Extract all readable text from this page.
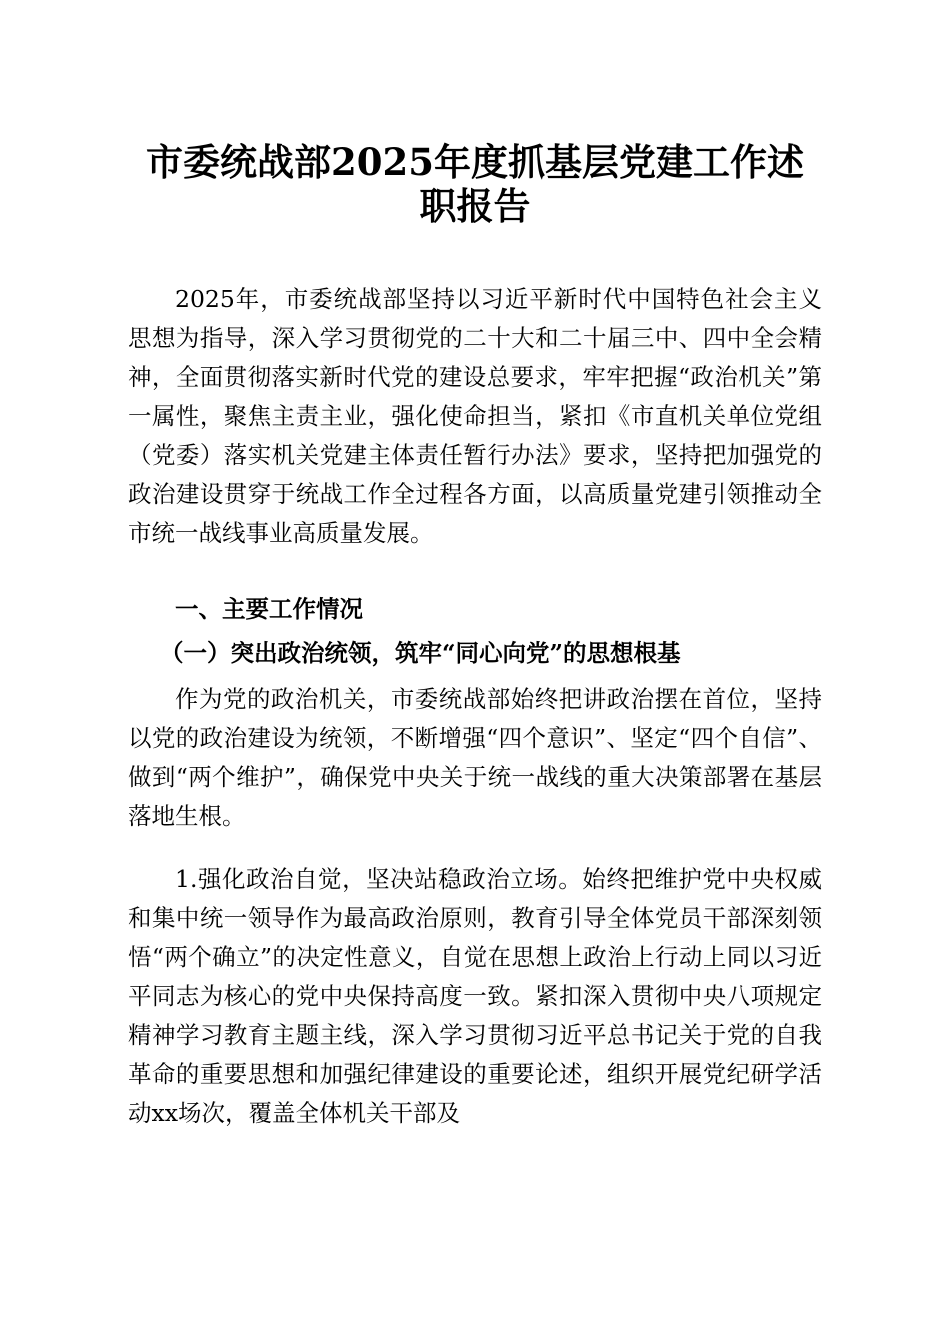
市委统战部2025年度抓基层党建工作述职报告

2025年，市委统战部坚持以习近平新时代中国特色社会主义思想为指导，深入学习贯彻党的二十大和二十届三中、四中全会精神，全面贯彻落实新时代党的建设总要求，牢牢把握“政治机关”第一属性，聚焦主责主业，强化使命担当，紧扣《市直机关单位党组（党委）落实机关党建主体责任暂行办法》要求，坚持把加强党的政治建设贯穿于统战工作全过程各方面，以高质量党建引领推动全市统一战线事业高质量发展。

一、主要工作情况
（一）突出政治统领，筑牢“同心向党”的思想根基

作为党的政治机关，市委统战部始终把讲政治摆在首位，坚持以党的政治建设为统领，不断增强“四个意识”、坚定“四个自信”、做到“两个维护”，确保党中央关于统一战线的重大决策部署在基层落地生根。

1.强化政治自觉，坚决站稳政治立场。始终把维护党中央权威和集中统一领导作为最高政治原则，教育引导全体党员干部深刻领悟“两个确立”的决定性意义，自觉在思想上政治上行动上同以习近平同志为核心的党中央保持高度一致。紧扣深入贯彻中央八项规定精神学习教育主题主线，深入学习贯彻习近平总书记关于党的自我革命的重要思想和加强纪律建设的重要论述，组织开展党纪研学活动xx场次，覆盖全体机关干部及
